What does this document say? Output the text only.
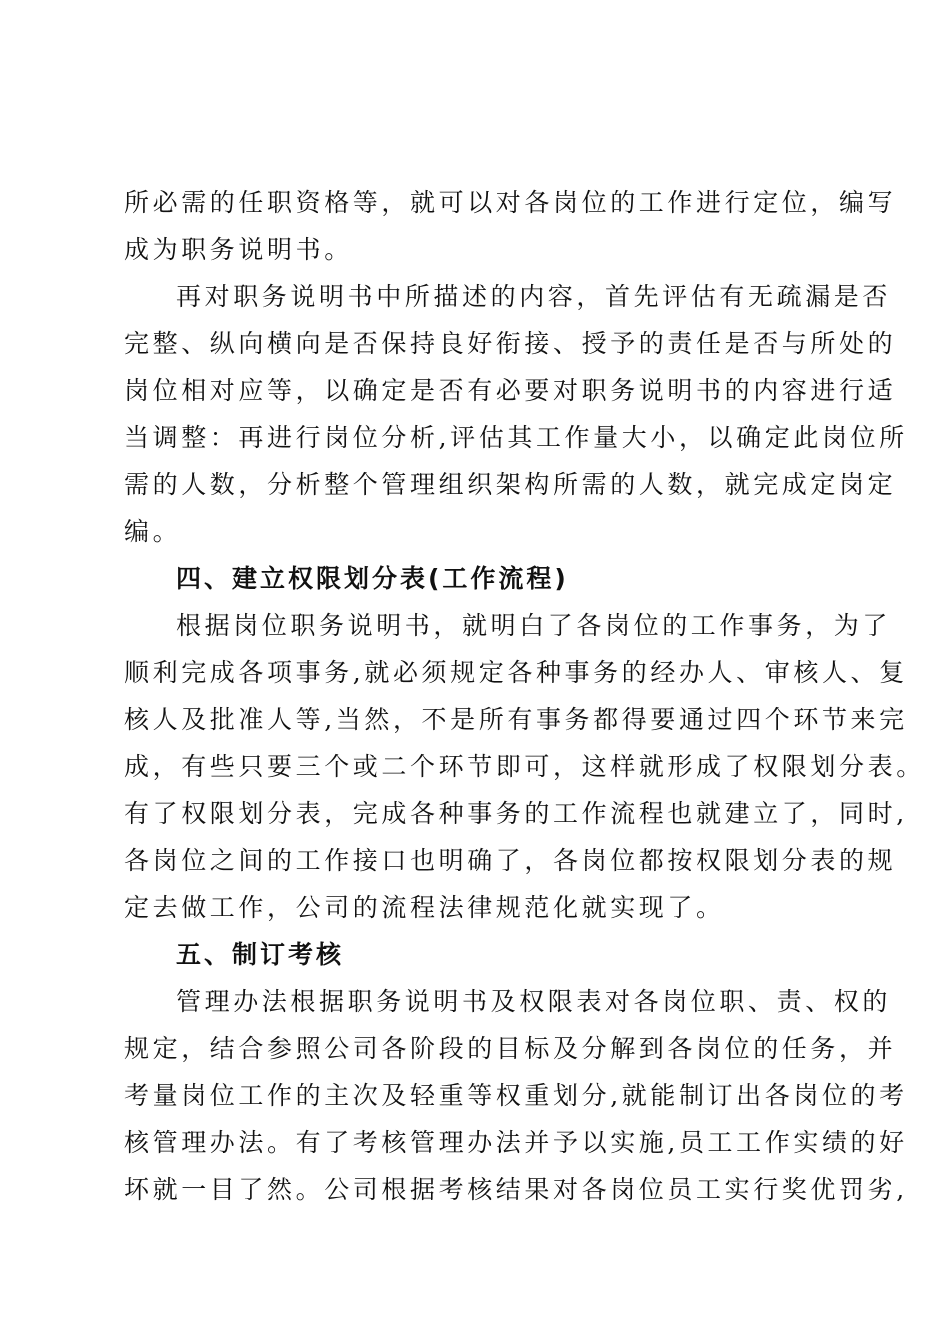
所必需的任职资格等，就可以对各岗位的工作进行定位，编写
成为职务说明书。
再对职务说明书中所描述的内容，首先评估有无疏漏是否
完整、纵向横向是否保持良好衔接、授予的责任是否与所处的
岗位相对应等，以确定是否有必要对职务说明书的内容进行适
当调整：再进行岗位分析,评估其工作量大小，以确定此岗位所
需的人数，分析整个管理组织架构所需的人数，就完成定岗定
编。
四、建立权限划分表(工作流程)
根据岗位职务说明书，就明白了各岗位的工作事务，为了
顺利完成各项事务,就必须规定各种事务的经办人、审核人、复
核人及批准人等,当然，不是所有事务都得要通过四个环节来完
成，有些只要三个或二个环节即可，这样就形成了权限划分表。
有了权限划分表，完成各种事务的工作流程也就建立了，同时,
各岗位之间的工作接口也明确了，各岗位都按权限划分表的规
定去做工作，公司的流程法律规范化就实现了。
五、制订考核
管理办法根据职务说明书及权限表对各岗位职、责、权的
规定，结合参照公司各阶段的目标及分解到各岗位的任务，并
考量岗位工作的主次及轻重等权重划分,就能制订出各岗位的考
核管理办法。有了考核管理办法并予以实施,员工工作实绩的好
坏就一目了然。公司根据考核结果对各岗位员工实行奖优罚劣,
